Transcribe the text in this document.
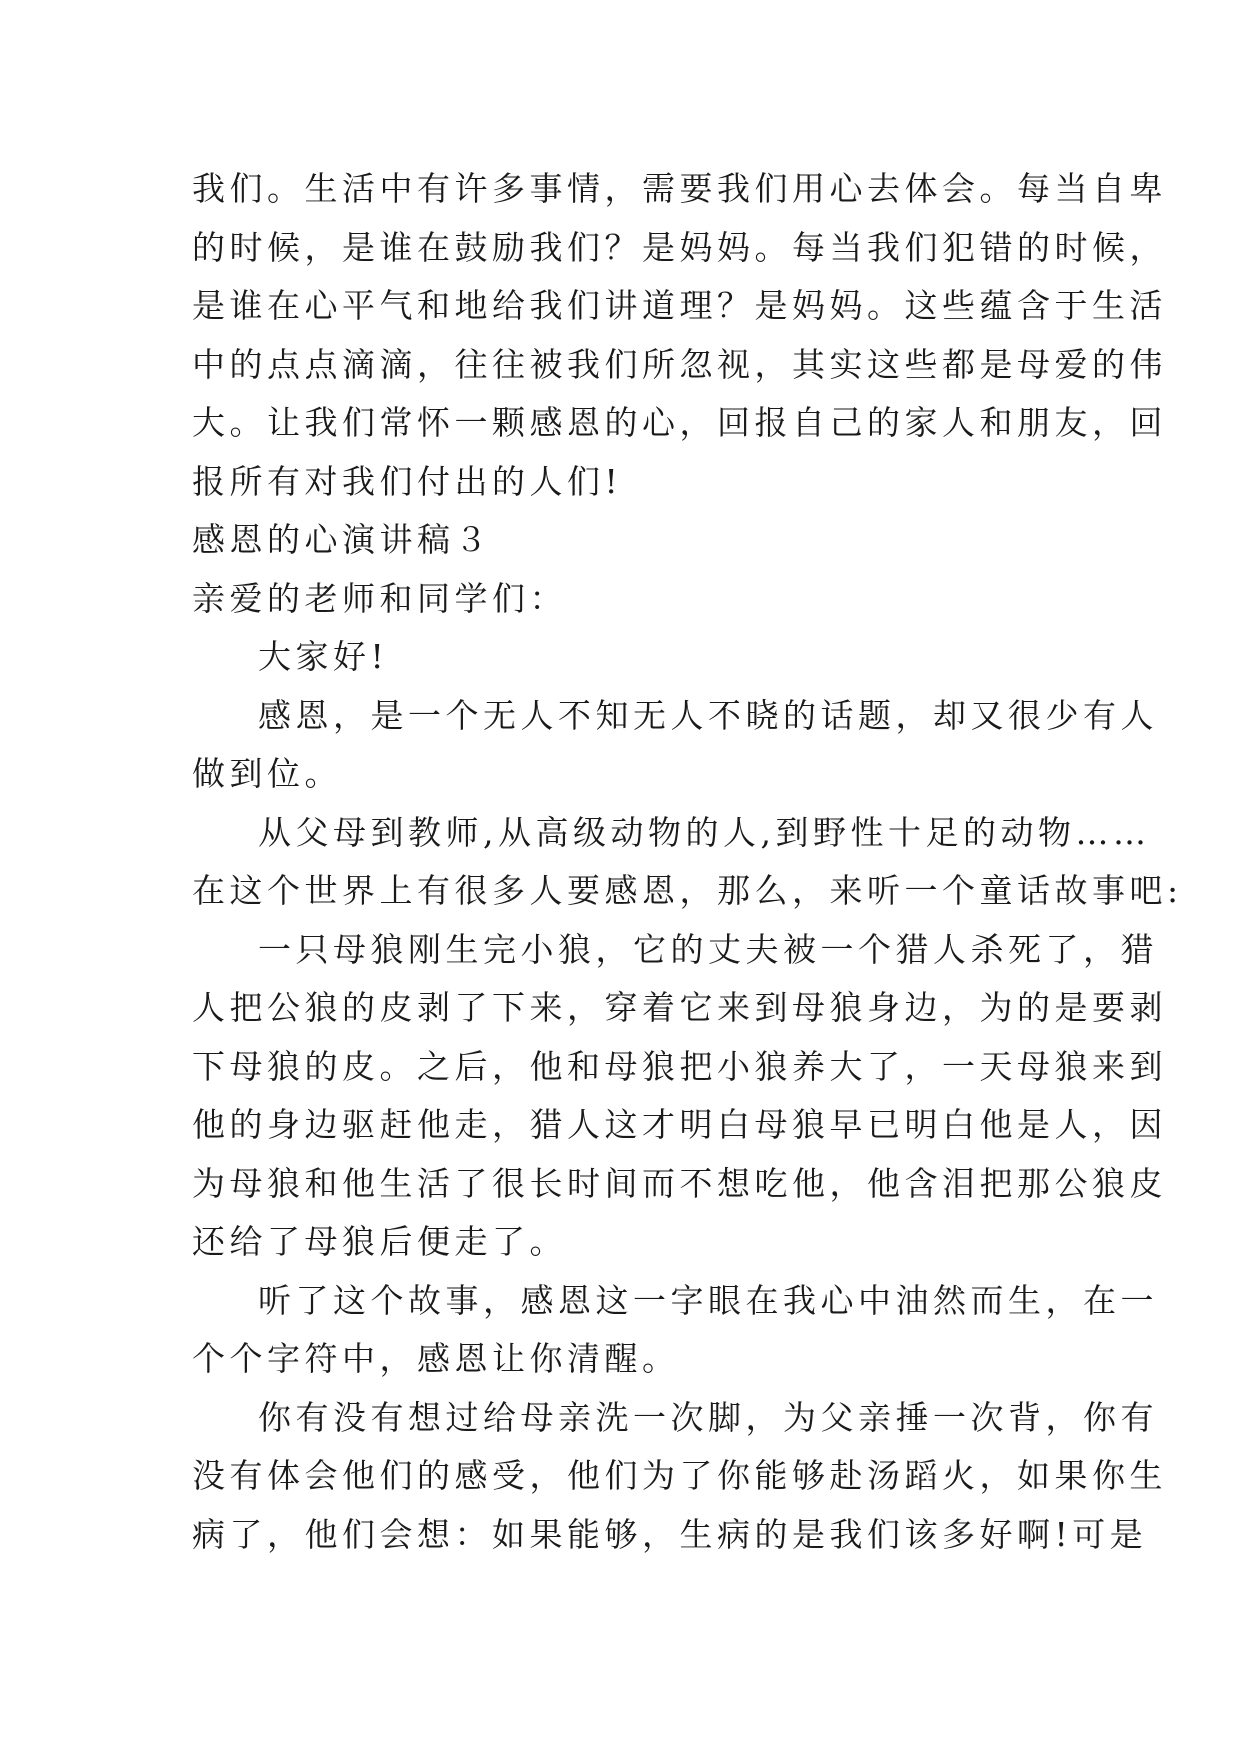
我们。生活中有许多事情，需要我们用心去体会。每当自卑
的时候，是谁在鼓励我们？是妈妈。每当我们犯错的时候，
是谁在心平气和地给我们讲道理？是妈妈。这些蕴含于生活
中的点点滴滴，往往被我们所忽视，其实这些都是母爱的伟
大。让我们常怀一颗感恩的心，回报自己的家人和朋友，回
报所有对我们付出的人们!
感恩的心演讲稿３
亲爱的老师和同学们：
大家好!
感恩，是一个无人不知无人不晓的话题，却又很少有人
做到位。
从父母到教师,从高级动物的人,到野性十足的动物……
在这个世界上有很多人要感恩，那么，来听一个童话故事吧:
一只母狼刚生完小狼，它的丈夫被一个猎人杀死了，猎
人把公狼的皮剥了下来，穿着它来到母狼身边，为的是要剥
下母狼的皮。之后，他和母狼把小狼养大了，一天母狼来到
他的身边驱赶他走，猎人这才明白母狼早已明白他是人，因
为母狼和他生活了很长时间而不想吃他，他含泪把那公狼皮
还给了母狼后便走了。
听了这个故事，感恩这一字眼在我心中油然而生，在一
个个字符中，感恩让你清醒。
你有没有想过给母亲洗一次脚，为父亲捶一次背，你有
没有体会他们的感受，他们为了你能够赴汤蹈火，如果你生
病了，他们会想：如果能够，生病的是我们该多好啊!可是
